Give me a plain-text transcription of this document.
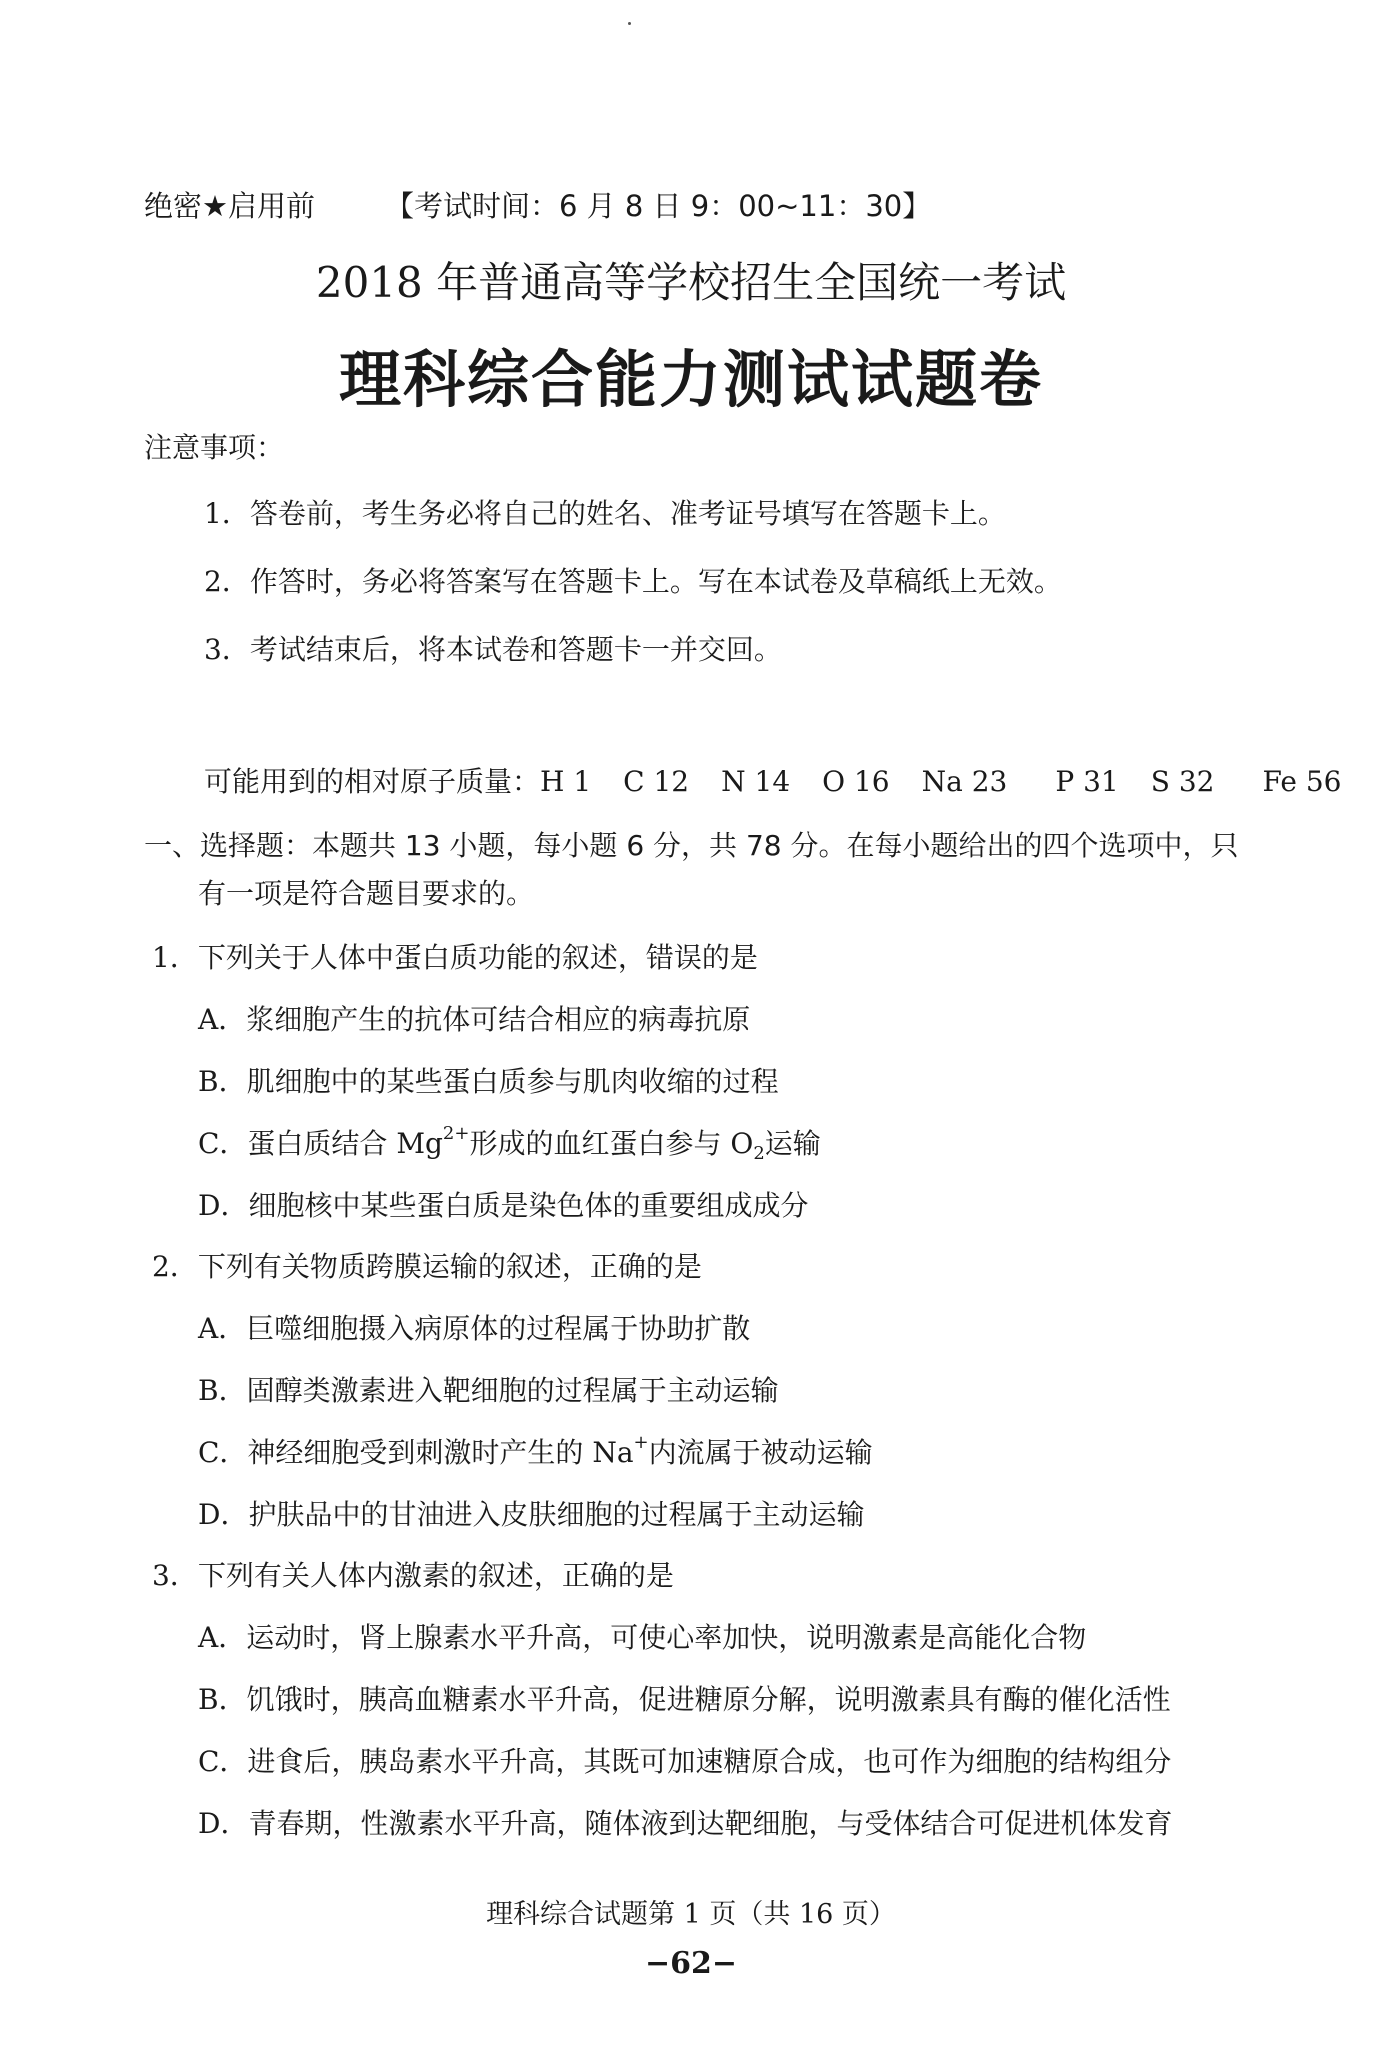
绝密★启用前 【考试时间：6 月 8 日 9：00~11：30】
2018 年普通高等学校招生全国统一考试
理科综合能力测试试题卷
注意事项：
1．答卷前，考生务必将自己的姓名、准考证号填写在答题卡上。
2．作答时，务必将答案写在答题卡上。写在本试卷及草稿纸上无效。
3．考试结束后，将本试卷和答题卡一并交回。
可能用到的相对原子质量：H 1 C 12 N 14 O 16 Na 23 P 31 S 32 Fe 56
一、选择题：本题共 13 小题，每小题 6 分，共 78 分。在每小题给出的四个选项中，只
有一项是符合题目要求的。
1．下列关于人体中蛋白质功能的叙述，错误的是
A．浆细胞产生的抗体可结合相应的病毒抗原
B．肌细胞中的某些蛋白质参与肌肉收缩的过程
C．蛋白质结合 $Mg^{2+}$形成的血红蛋白参与 $O_2$运输
D．细胞核中某些蛋白质是染色体的重要组成成分
2．下列有关物质跨膜运输的叙述，正确的是
A．巨噬细胞摄入病原体的过程属于协助扩散
B．固醇类激素进入靶细胞的过程属于主动运输
C．神经细胞受到刺激时产生的 Na+内流属于被动运输
D．护肤品中的甘油进入皮肤细胞的过程属于主动运输
3．下列有关人体内激素的叙述，正确的是
A．运动时，肾上腺素水平升高，可使心率加快，说明激素是高能化合物
B．饥饿时，胰高血糖素水平升高，促进糖原分解，说明激素具有酶的催化活性
C．进食后，胰岛素水平升高，其既可加速糖原合成，也可作为细胞的结构组分
D．青春期，性激素水平升高，随体液到达靶细胞，与受体结合可促进机体发育
理科综合试题第 1 页（共 16 页）
−62−
